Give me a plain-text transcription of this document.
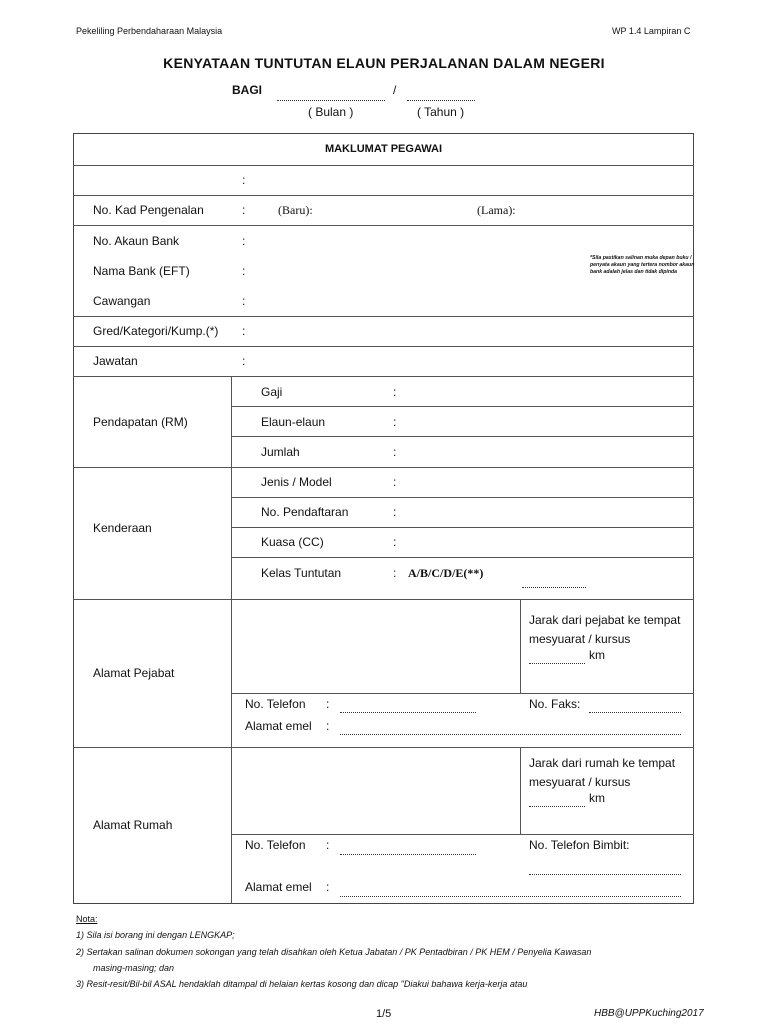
Pekeliling Perbendaharaan Malaysia	WP 1.4 Lampiran C
KENYATAAN TUNTUTAN ELAUN PERJALANAN DALAM NEGERI
BAGI	/
( Bulan )	( Tahun )
MAKLUMAT PEGAWAI
:
No. Kad Pengenalan	:	(Baru):	(Lama):
No. Akaun Bank	:
Nama Bank (EFT)	:
Cawangan	:
*Sila pastikan salinan muka depan buku / penyata akaun yang tertera nombor akaun bank adalah jelas dan tidak dipinda
Gred/Kategori/Kump.(*) :
Jawatan	:
Pendapatan (RM)
Gaji	:
Elaun-elaun	:
Jumlah	:
Kenderaan
Jenis / Model	:
No. Pendaftaran	:
Kuasa (CC)	:
Kelas Tuntutan	: A/B/C/D/E(**)
Alamat Pejabat
Jarak dari pejabat ke tempat
mesyuarat / kursus
km
No. Telefon :	No. Faks:
Alamat emel :
Alamat Rumah
Jarak dari rumah ke tempat
mesyuarat / kursus
km
No. Telefon :	No. Telefon Bimbit:
Alamat emel :
Nota:
1) Sila isi borang ini dengan LENGKAP;
2) Sertakan salinan dokumen sokongan yang telah disahkan oleh Ketua Jabatan / PK Pentadbiran / PK HEM / Penyelia Kawasan
masing-masing; dan
3) Resit-resit/Bil-bil ASAL hendaklah ditampal di helaian kertas kosong dan dicap "Diakui bahawa kerja-kerja atau
1/5	HBB@UPPKuching2017
